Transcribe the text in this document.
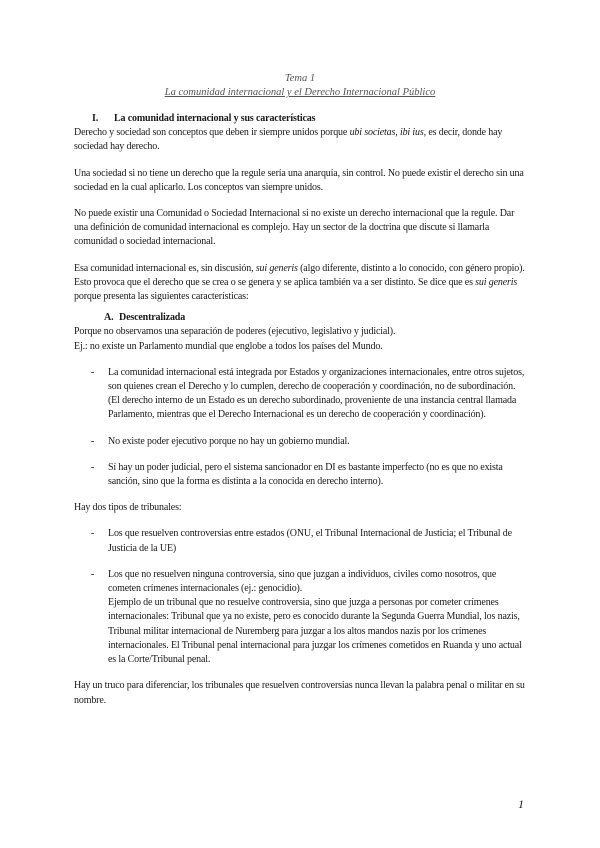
Tema 1
La comunidad internacional y el Derecho Internacional Público

I. La comunidad internacional y sus características

Derecho y sociedad son conceptos que deben ir siempre unidos porque ubi societas, ibi ius, es decir, donde hay sociedad hay derecho.

Una sociedad si no tiene un derecho que la regule sería una anarquía, sin control. No puede existir el derecho sin una sociedad en la cual aplicarlo. Los conceptos van siempre unidos.

No puede existir una Comunidad o Sociedad Internacional si no existe un derecho internacional que la regule. Dar una definición de comunidad internacional es complejo. Hay un sector de la doctrina que discute si llamarla comunidad o sociedad internacional.

Esa comunidad internacional es, sin discusión, sui generis (algo diferente, distinto a lo conocido, con género propio). Esto provoca que el derecho que se crea o se genera y se aplica también va a ser distinto. Se dice que es sui generis porque presenta las siguientes características:

A. Descentralizada

Porque no observamos una separación de poderes (ejecutivo, legislativo y judicial).

Ej.: no existe un Parlamento mundial que englobe a todos los países del Mundo.

- La comunidad internacional está integrada por Estados y organizaciones internacionales, entre otros sujetos, son quienes crean el Derecho y lo cumplen, derecho de cooperación y coordinación, no de subordinación. (El derecho interno de un Estado es un derecho subordinado, proveniente de una instancia central llamada Parlamento, mientras que el Derecho Internacional es un derecho de cooperación y coordinación).
- No existe poder ejecutivo porque no hay un gobierno mundial.
- Sí hay un poder judicial, pero el sistema sancionador en DI es bastante imperfecto (no es que no exista sanción, sino que la forma es distinta a la conocida en derecho interno).

Hay dos tipos de tribunales:

- Los que resuelven controversias entre estados (ONU, el Tribunal Internacional de Justicia; el Tribunal de Justicia de la UE)
- Los que no resuelven ninguna controversia, sino que juzgan a individuos, civiles como nosotros, que cometen crímenes internacionales (ej.: genocidio).
Ejemplo de un tribunal que no resuelve controversia, sino que juzga a personas por cometer crímenes internacionales: Tribunal que ya no existe, pero es conocido durante la Segunda Guerra Mundial, los nazis, Tribunal militar internacional de Nuremberg para juzgar a los altos mandos nazis por los crímenes internacionales. El Tribunal penal internacional para juzgar los crímenes cometidos en Ruanda y uno actual es la Corte/Tribunal penal.

Hay un truco para diferenciar, los tribunales que resuelven controversias nunca llevan la palabra penal o militar en su nombre.

1
